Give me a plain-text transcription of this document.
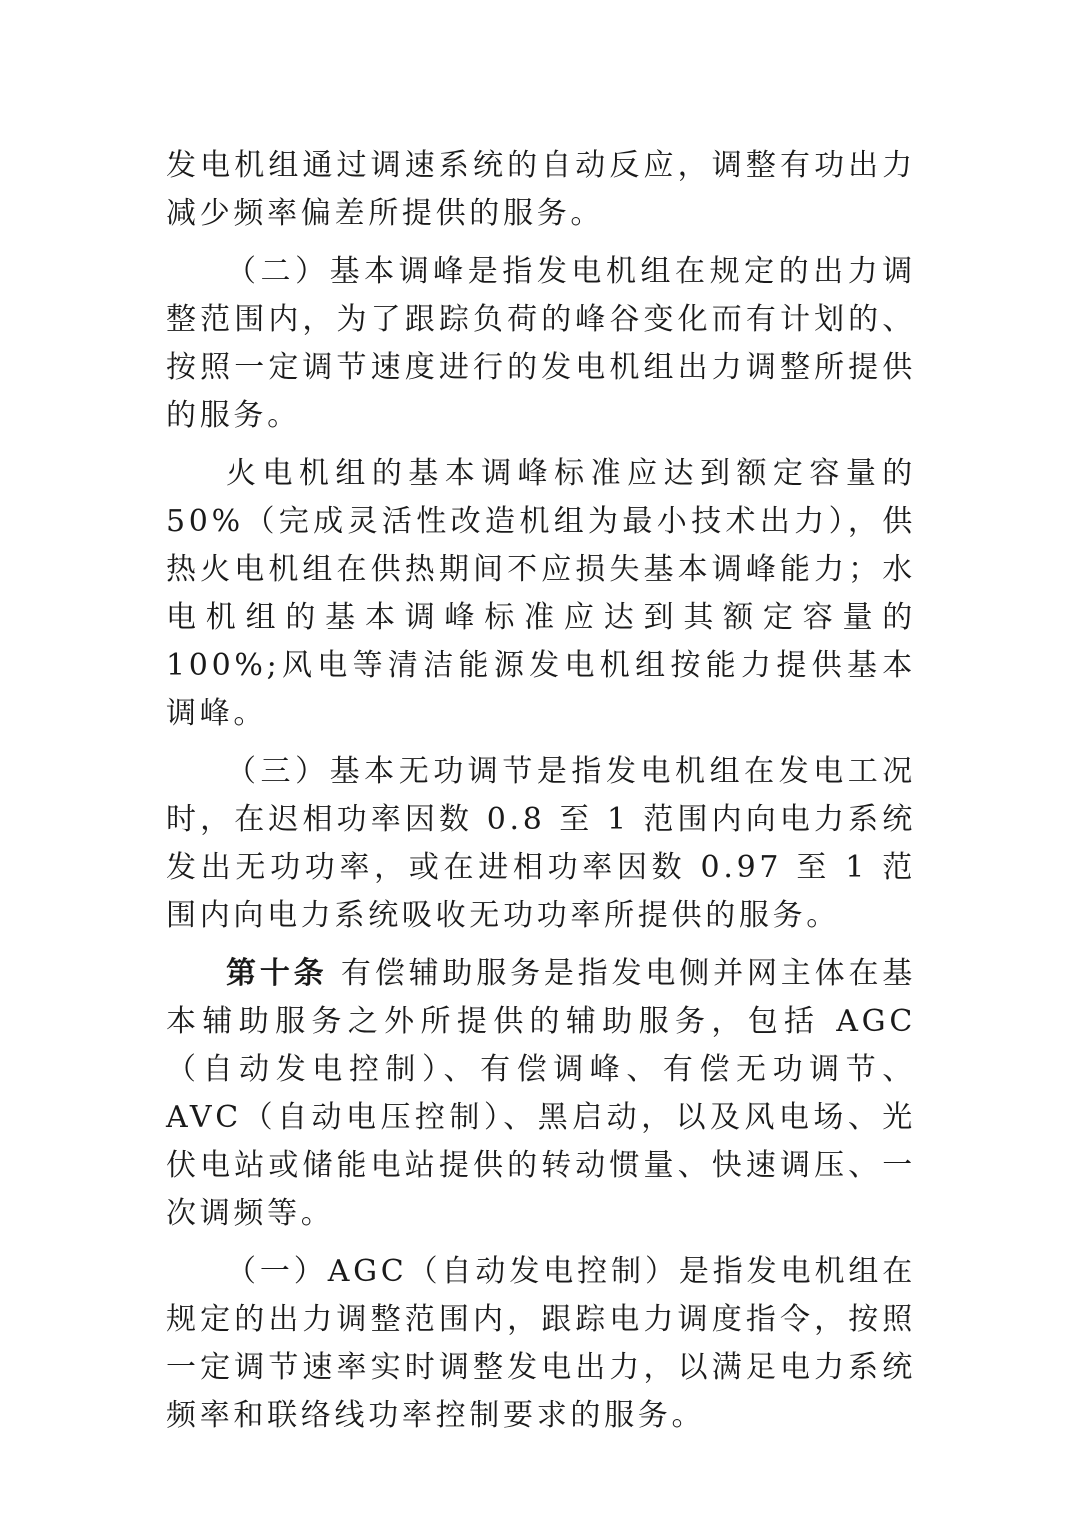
发电机组通过调速系统的自动反应，调整有功出力减少频率偏差所提供的服务。

（二）基本调峰是指发电机组在规定的出力调整范围内，为了跟踪负荷的峰谷变化而有计划的、按照一定调节速度进行的发电机组出力调整所提供的服务。

火电机组的基本调峰标准应达到额定容量的50%（完成灵活性改造机组为最小技术出力），供热火电机组在供热期间不应损失基本调峰能力；水电机组的基本调峰标准应达到其额定容量的100%;风电等清洁能源发电机组按能力提供基本调峰。

（三）基本无功调节是指发电机组在发电工况时，在迟相功率因数 0.8 至 1 范围内向电力系统发出无功功率，或在进相功率因数 0.97 至 1 范围内向电力系统吸收无功功率所提供的服务。

第十条 有偿辅助服务是指发电侧并网主体在基本辅助服务之外所提供的辅助服务，包括 AGC（自动发电控制）、有偿调峰、有偿无功调节、AVC（自动电压控制）、黑启动，以及风电场、光伏电站或储能电站提供的转动惯量、快速调压、一次调频等。

（一）AGC（自动发电控制）是指发电机组在规定的出力调整范围内，跟踪电力调度指令，按照一定调节速率实时调整发电出力，以满足电力系统频率和联络线功率控制要求的服务。
